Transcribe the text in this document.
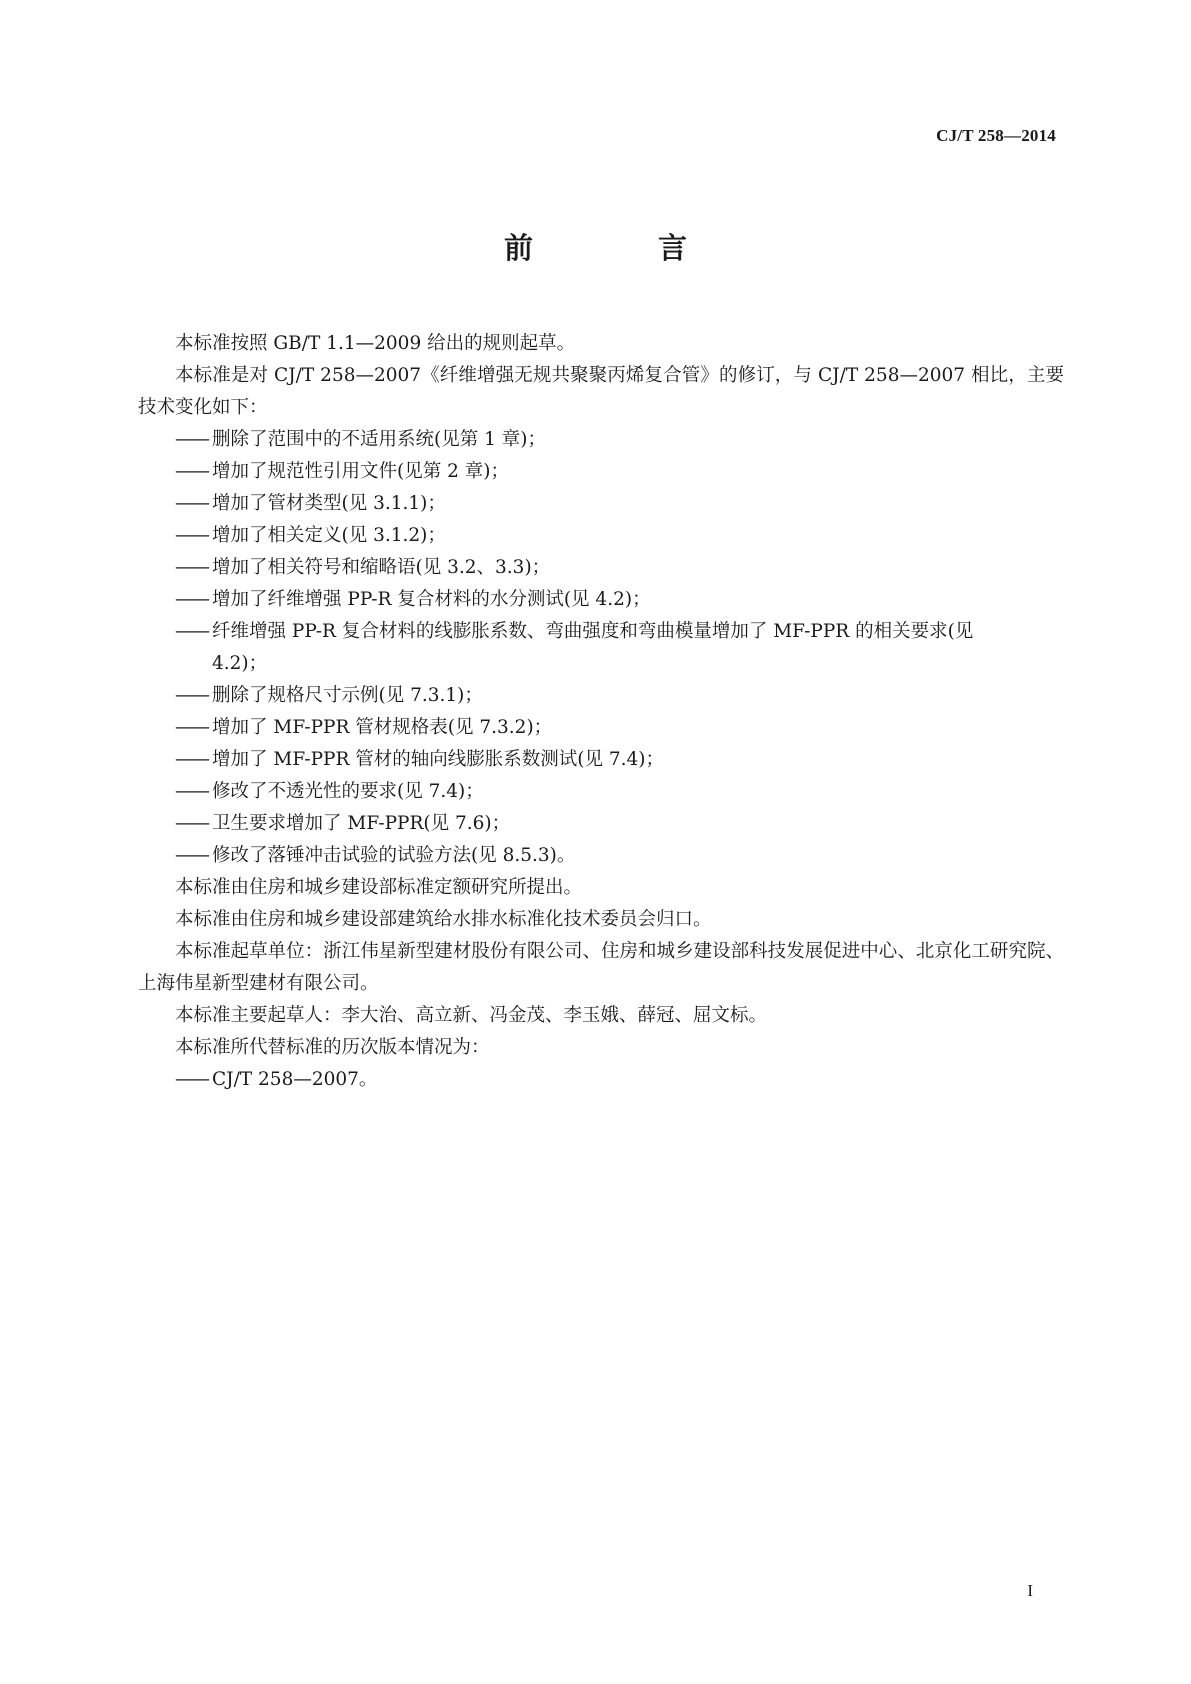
CJ/T 258—2014
前　言

本标准按照 GB/T 1.1—2009 给出的规则起草。

本标准是对 CJ/T 258—2007《纤维增强无规共聚聚丙烯复合管》的修订，与 CJ/T 258—2007 相比，主要技术变化如下：

—— 删除了范围中的不适用系统(见第 1 章)；

—— 增加了规范性引用文件(见第 2 章)；

—— 增加了管材类型(见 3.1.1)；

—— 增加了相关定义(见 3.1.2)；

—— 增加了相关符号和缩略语(见 3.2、3.3)；

—— 增加了纤维增强 PP-R 复合材料的水分测试(见 4.2)；

—— 纤维增强 PP-R 复合材料的线膨胀系数、弯曲强度和弯曲模量增加了 MF-PPR 的相关要求(见
4.2)；

—— 删除了规格尺寸示例(见 7.3.1)；

—— 增加了 MF-PPR 管材规格表(见 7.3.2)；

—— 增加了 MF-PPR 管材的轴向线膨胀系数测试(见 7.4)；

—— 修改了不透光性的要求(见 7.4)；

—— 卫生要求增加了 MF-PPR(见 7.6)；

—— 修改了落锤冲击试验的试验方法(见 8.5.3)。

本标准由住房和城乡建设部标准定额研究所提出。

本标准由住房和城乡建设部建筑给水排水标准化技术委员会归口。

本标准起草单位：浙江伟星新型建材股份有限公司、住房和城乡建设部科技发展促进中心、北京化工研究院、上海伟星新型建材有限公司。

本标准主要起草人：李大治、高立新、冯金茂、李玉娥、薛冠、屈文标。

本标准所代替标准的历次版本情况为：

—— CJ/T 258—2007。

I
